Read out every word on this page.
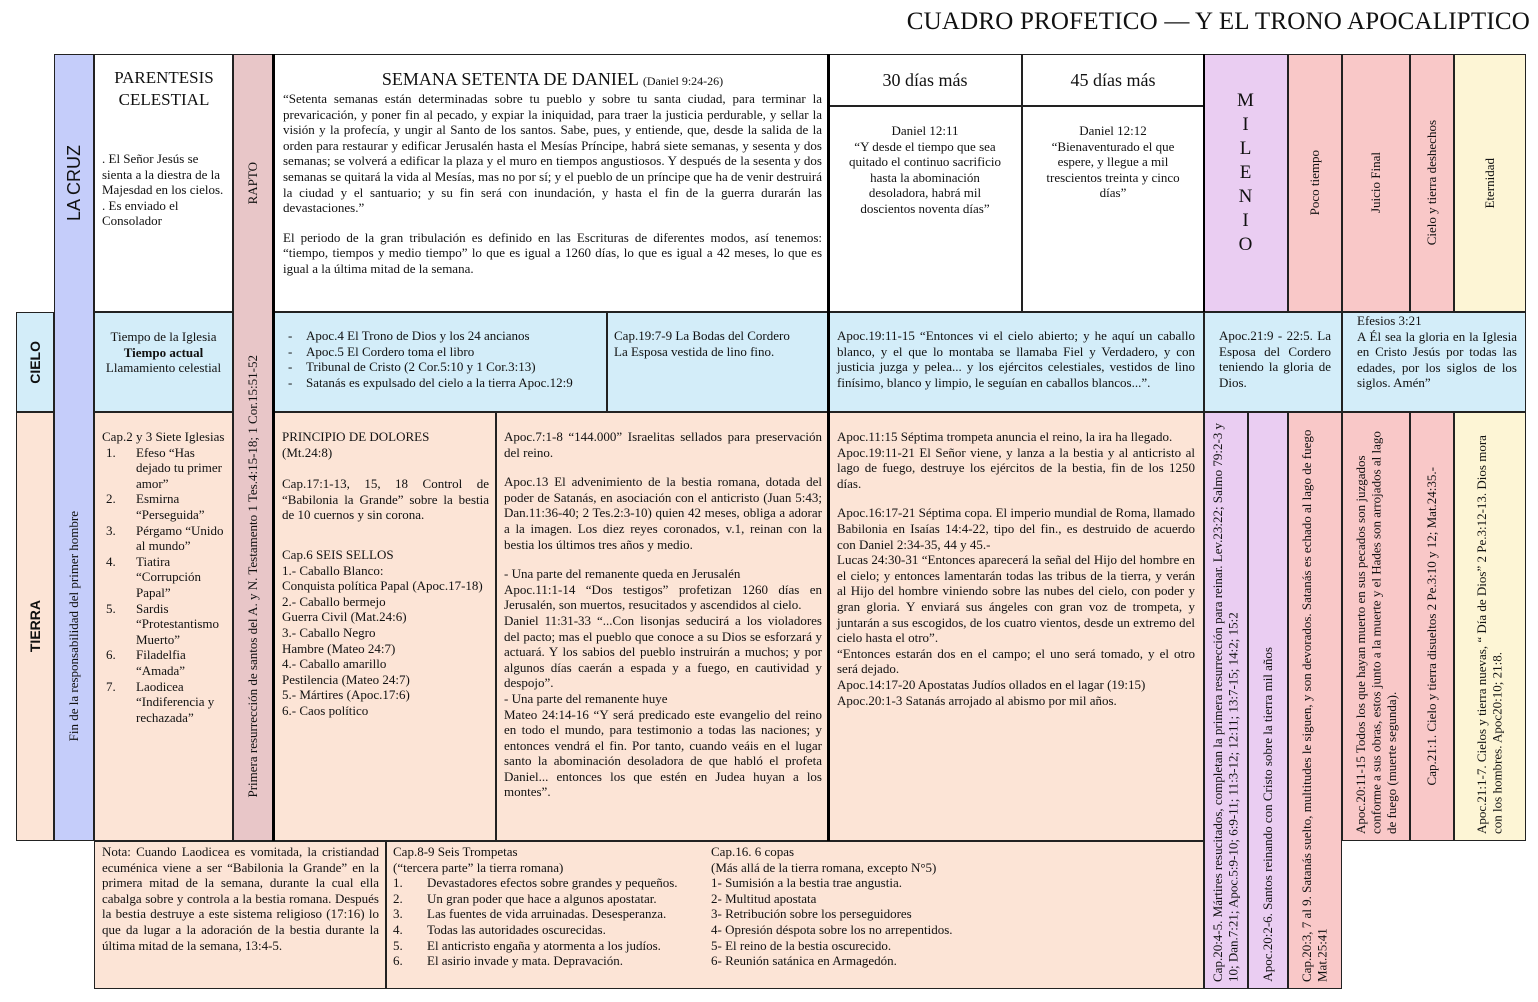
CUADRO PROFETICO — Y EL TRONO APOCALIPTICO
CIELO
TIERRA
LA CRUZ
Fin de la responsabilidad del primer hombre
PARENTESIS CELESTIAL
. El Señor Jesús se sienta a la diestra de la Majesdad en los cielos.
. Es enviado el Consolador
RAPTO
Primera resurrección de santos del A. y N. Testamento 1 Tes.4:15-18; 1 Cor.15:51-52
SEMANA SETENTA DE DANIEL (Daniel 9:24-26)
“Setenta semanas están determinadas sobre tu pueblo y sobre tu santa ciudad, para terminar la prevaricación, y poner fin al pecado, y expiar la iniquidad, para traer la justicia perdurable, y sellar la visión y la profecía, y ungir al Santo de los santos. Sabe, pues, y entiende, que, desde la salida de la orden para restaurar y edificar Jerusalén hasta el Mesías Príncipe, habrá siete semanas, y sesenta y dos semanas; se volverá a edificar la plaza y el muro en tiempos angustiosos. Y después de la sesenta y dos semanas se quitará la vida al Mesías, mas no por sí; y el pueblo de un príncipe que ha de venir destruirá la ciudad y el santuario; y su fin será con inundación, y hasta el fin de la guerra durarán las devastaciones.”
El periodo de la gran tribulación es definido en las Escrituras de diferentes modos, así tenemos: “tiempo, tiempos y medio tiempo” lo que es igual a 1260 días, lo que es igual a 42 meses, lo que es igual a la última mitad de la semana.
30 días más	45 días más
Daniel 12:11
“Y desde el tiempo que sea quitado el continuo sacrificio hasta la abominación desoladora, habrá mil doscientos noventa días”
Daniel 12:12
“Bienaventurado el que espere, y llegue a mil trescientos treinta y cinco días”
M
I
L
E
N
I
O
Poco tiempo	Juicio Final	Cielo y tierra deshechos	Eternidad
Tiempo de la Iglesia
Tiempo actual
Llamamiento celestial
- Apoc.4 El Trono de Dios y los 24 ancianos
- Apoc.5 El Cordero toma el libro
- Tribunal de Cristo (2 Cor.5:10 y 1 Cor.3:13)
- Satanás es expulsado del cielo a la tierra Apoc.12:9
Cap.19:7-9 La Bodas del Cordero
La Esposa vestida de lino fino.
Apoc.19:11-15 “Entonces vi el cielo abierto; y he aquí un caballo blanco, y el que lo montaba se llamaba Fiel y Verdadero, y con justicia juzga y pelea... y los ejércitos celestiales, vestidos de lino finísimo, blanco y limpio, le seguían en caballos blancos...”.
Apoc.21:9 - 22:5. La Esposa del Cordero teniendo la gloria de Dios.
Efesios 3:21
A Él sea la gloria en la Iglesia en Cristo Jesús por todas las edades, por los siglos de los siglos. Amén”
Cap.2 y 3 Siete Iglesias
1.	Efeso “Has dejado tu primer amor”
2.	Esmirna “Perseguida”
3.	Pérgamo “Unido al mundo”
4.	Tiatira “Corrupción Papal”
5.	Sardis “Protestantismo Muerto”
6.	Filadelfia “Amada”
7.	Laodicea “Indiferencia y rechazada”
PRINCIPIO DE DOLORES
(Mt.24:8)
Cap.17:1-13, 15, 18 Control de “Babilonia la Grande” sobre la bestia de 10 cuernos y sin corona.
Cap.6 SEIS SELLOS
1.- Caballo Blanco:
Conquista política Papal (Apoc.17-18)
2.- Caballo bermejo
Guerra Civil (Mat.24:6)
3.- Caballo Negro
Hambre (Mateo 24:7)
4.- Caballo amarillo
Pestilencia (Mateo 24:7)
5.- Mártires (Apoc.17:6)
6.- Caos político
Apoc.7:1-8 “144.000” Israelitas sellados para preservación del reino.
Apoc.13 El advenimiento de la bestia romana, dotada del poder de Satanás, en asociación con el anticristo (Juan 5:43; Dan.11:36-40; 2 Tes.2:3-10) quien 42 meses, obliga a adorar a la imagen. Los diez reyes coronados, v.1, reinan con la bestia los últimos tres años y medio.
- Una parte del remanente queda en Jerusalén
Apoc.11:1-14 “Dos testigos” profetizan 1260 días en Jerusalén, son muertos, resucitados y ascendidos al cielo.
Daniel 11:31-33 “...Con lisonjas seducirá a los violadores del pacto; mas el pueblo que conoce a su Dios se esforzará y actuará. Y los sabios del pueblo instruirán a muchos; y por algunos días caerán a espada y a fuego, en cautividad y despojo”.
- Una parte del remanente huye
Mateo 24:14-16 “Y será predicado este evangelio del reino en todo el mundo, para testimonio a todas las naciones; y entonces vendrá el fin. Por tanto, cuando veáis en el lugar santo la abominación desoladora de que habló el profeta Daniel... entonces los que estén en Judea huyan a los montes”.
Apoc.11:15 Séptima trompeta anuncia el reino, la ira ha llegado.
Apoc.19:11-21 El Señor viene, y lanza a la bestia y al anticristo al lago de fuego, destruye los ejércitos de la bestia, fin de los 1250 días.
Apoc.16:17-21 Séptima copa. El imperio mundial de Roma, llamado Babilonia en Isaías 14:4-22, tipo del fin., es destruido de acuerdo con Daniel 2:34-35, 44 y 45.-
Lucas 24:30-31 “Entonces aparecerá la señal del Hijo del hombre en el cielo; y entonces lamentarán todas las tribus de la tierra, y verán al Hijo del hombre viniendo sobre las nubes del cielo, con poder y gran gloria. Y enviará sus ángeles con gran voz de trompeta, y juntarán a sus escogidos, de los cuatro vientos, desde un extremo del cielo hasta el otro”.
“Entonces estarán dos en el campo; el uno será tomado, y el otro será dejado.
Apoc.14:17-20 Apostatas Judíos ollados en el lagar (19:15)
Apoc.20:1-3 Satanás arrojado al abismo por mil años.	Cap.20:4-5. Mártires resucitados, completan la primera resurrección para reinar. Lev.23:22; Salmo 79:2-3 y 10; Dan.7:21; Apoc.5:9-10; 6:9-11; 11:3-12; 12:11; 13:7-15; 14:2; 15:2 Apoc.20:2-6. Santos reinando con Cristo sobre la tierra mil años Cap.20:3, 7 al 9. Satanás suelto, multitudes le siguen, y son devorados. Satanás es echado al lago de fuego Mat.25:41
Apoc.20:11-15 Todos los que hayan muerto en sus pecados son juzgados conforme a sus obras, estos junto a la muerte y el Hades son arrojados al lago de fuego (muerte segunda). Cap.21:1. Cielo y tierra disueltos 2 Pe.3:10 y 12; Mat.24:35.-	Apoc.21:1-7. Cielos y tierra nuevas, “ Día de Dios” 2 Pe.3:12-13. Dios mora con los hombres. Apoc20:10; 21:8.
Nota: Cuando Laodicea es vomitada, la cristiandad ecuménica viene a ser “Babilonia la Grande” en la primera mitad de la semana, durante la cual ella cabalga sobre y controla a la bestia romana. Después la bestia destruye a este sistema religioso (17:16) lo que da lugar a la adoración de la bestia durante la última mitad de la semana, 13:4-5.
Cap.8-9 Seis Trompetas
(“tercera parte” la tierra romana)
1.	Devastadores efectos sobre grandes y pequeños.
2.	Un gran poder que hace a algunos apostatar.
3.	Las fuentes de vida arruinadas. Desesperanza.
4.	Todas las autoridades oscurecidas.
5.	El anticristo engaña y atormenta a los judíos.
6.	El asirio invade y mata. Depravación.
Cap.16. 6 copas
(Más allá de la tierra romana, excepto N°5)
1- Sumisión a la bestia trae angustia.
2- Multitud apostata
3- Retribución sobre los perseguidores
4- Opresión déspota sobre los no arrepentidos.
5- El reino de la bestia oscurecido.
6- Reunión satánica en Armagedón.
